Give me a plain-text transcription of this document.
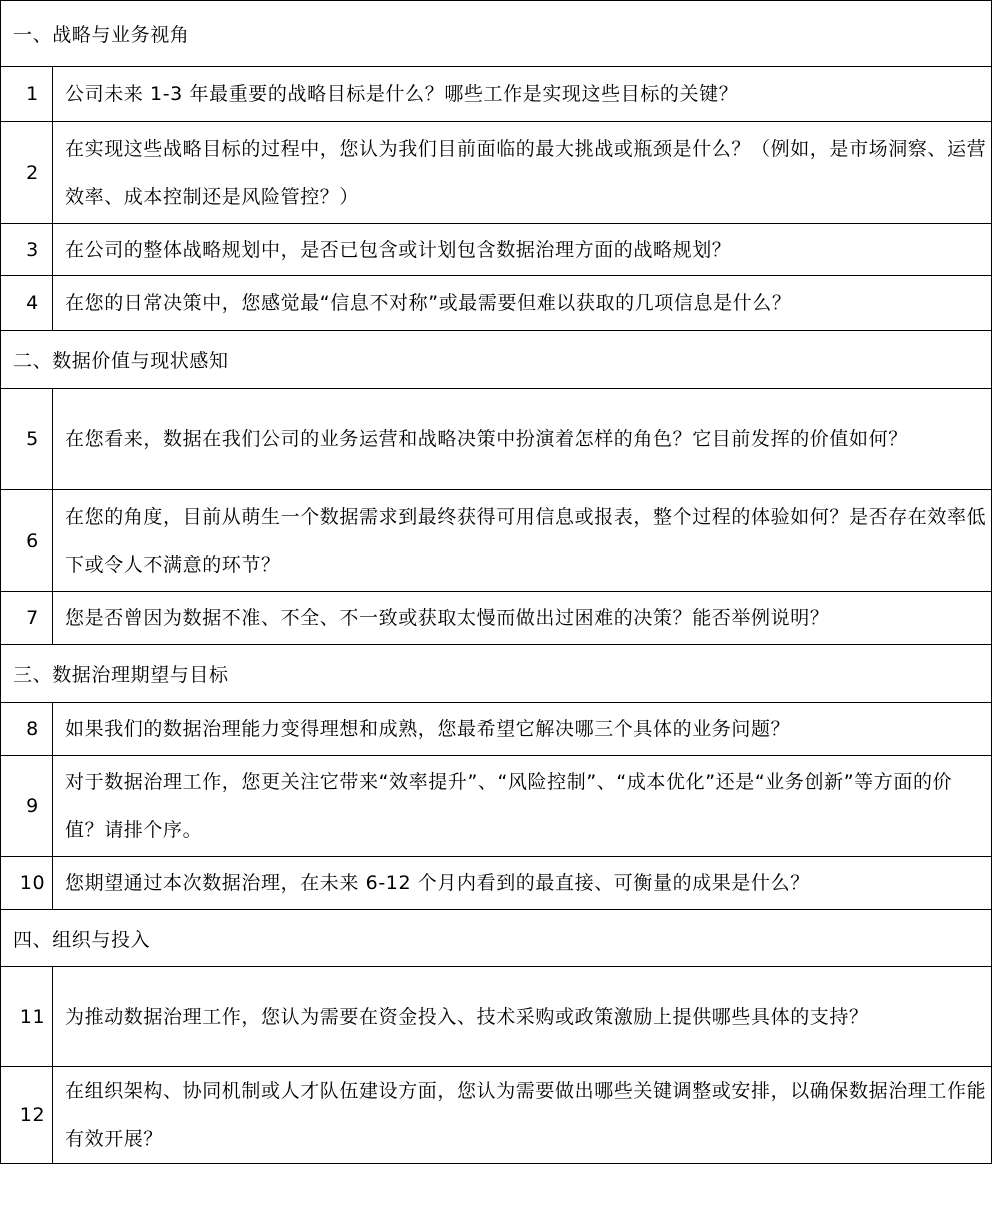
一、战略与业务视角	
1	公司未来 1-3 年最重要的战略目标是什么？哪些工作是实现这些目标的关键？
2	在实现这些战略目标的过程中，您认为我们目前面临的最大挑战或瓶颈是什么？（例如，是市场洞察、运营效率、成本控制还是风险管控？）
3	在公司的整体战略规划中，是否已包含或计划包含数据治理方面的战略规划？
4	在您的日常决策中，您感觉最“信息不对称”或最需要但难以获取的几项信息是什么？
二、数据价值与现状感知	
5	在您看来，数据在我们公司的业务运营和战略决策中扮演着怎样的角色？它目前发挥的价值如何？
6	在您的角度，目前从萌生一个数据需求到最终获得可用信息或报表，整个过程的体验如何？是否存在效率低下或令人不满意的环节？
7	您是否曾因为数据不准、不全、不一致或获取太慢而做出过困难的决策？能否举例说明？
三、数据治理期望与目标	
8	如果我们的数据治理能力变得理想和成熟，您最希望它解决哪三个具体的业务问题？
9	对于数据治理工作，您更关注它带来“效率提升”、“风险控制”、“成本优化”还是“业务创新”等方面的价值？请排个序。
10	您期望通过本次数据治理，在未来 6-12 个月内看到的最直接、可衡量的成果是什么？
四、组织与投入	
11	为推动数据治理工作，您认为需要在资金投入、技术采购或政策激励上提供哪些具体的支持？
12	在组织架构、协同机制或人才队伍建设方面，您认为需要做出哪些关键调整或安排，以确保数据治理工作能有效开展？
